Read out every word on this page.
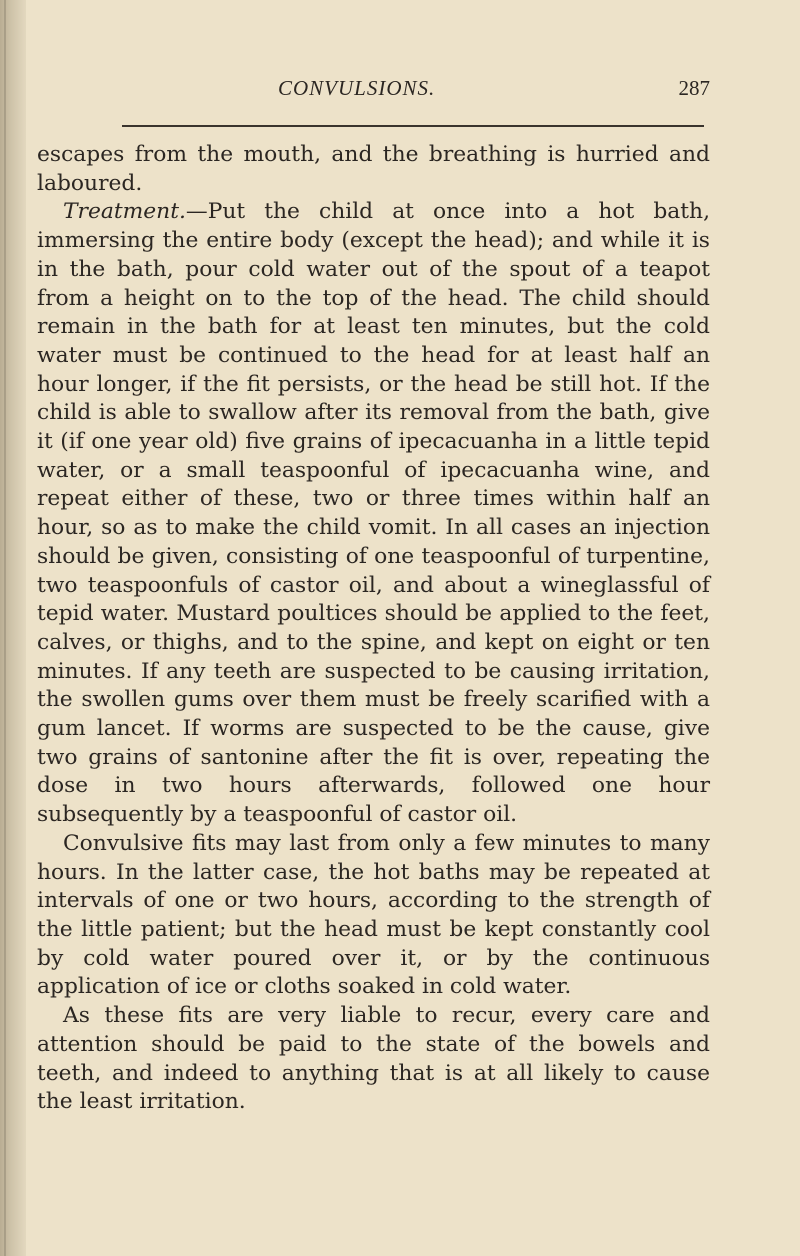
CONVULSIONS.	287

escapes from the mouth, and the breathing is hurried and laboured.

Treatment.—Put the child at once into a hot bath, immersing the entire body (except the head); and while it is in the bath, pour cold water out of the spout of a teapot from a height on to the top of the head. The child should remain in the bath for at least ten minutes, but the cold water must be continued to the head for at least half an hour longer, if the fit persists, or the head be still hot. If the child is able to swallow after its removal from the bath, give it (if one year old) five grains of ipecacuanha in a little tepid water, or a small teaspoonful of ipecacuanha wine, and repeat either of these, two or three times within half an hour, so as to make the child vomit. In all cases an injection should be given, consisting of one teaspoonful of turpentine, two teaspoonfuls of castor oil, and about a wineglassful of tepid water. Mustard poultices should be applied to the feet, calves, or thighs, and to the spine, and kept on eight or ten minutes. If any teeth are suspected to be causing irritation, the swollen gums over them must be freely scarified with a gum lancet. If worms are suspected to be the cause, give two grains of santonine after the fit is over, repeating the dose in two hours afterwards, followed one hour subsequently by a teaspoonful of castor oil.

Convulsive fits may last from only a few minutes to many hours. In the latter case, the hot baths may be repeated at intervals of one or two hours, according to the strength of the little patient; but the head must be kept constantly cool by cold water poured over it, or by the continuous application of ice or cloths soaked in cold water.

As these fits are very liable to recur, every care and attention should be paid to the state of the bowels and teeth, and indeed to anything that is at all likely to cause the least irritation.
